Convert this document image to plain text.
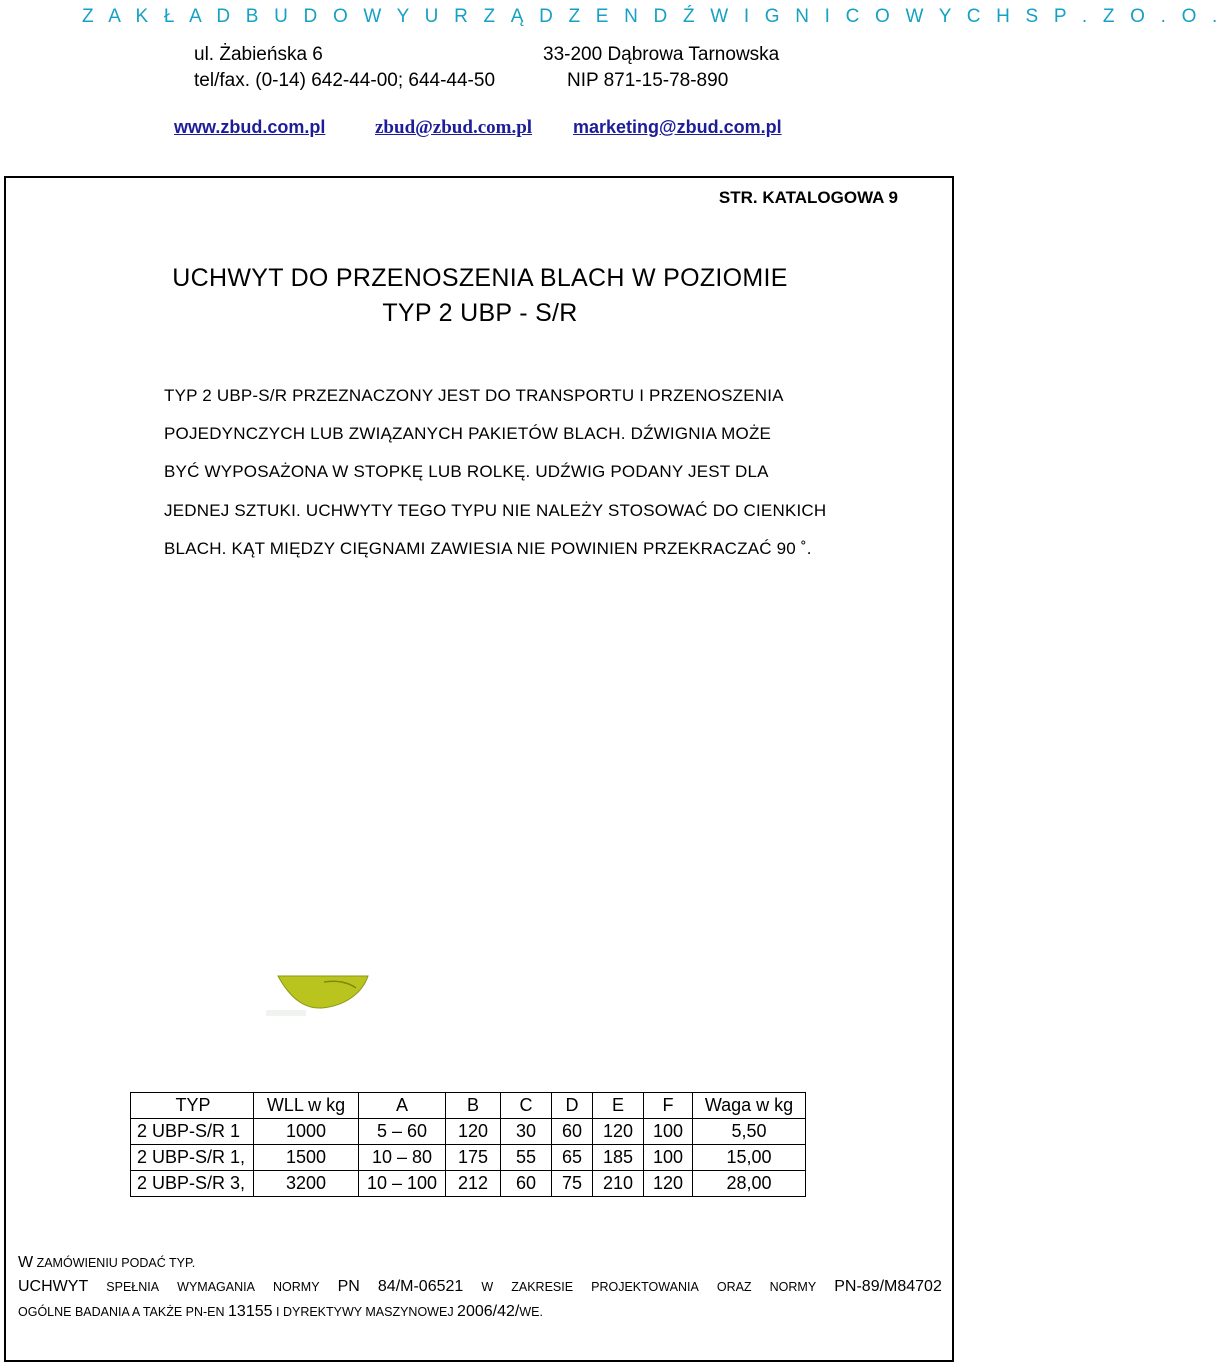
Z A K Ł A D B U D O W Y U R Z Ą D Z E N D Ź W I G N I C O W Y C H S P . Z O . O .
ul. Żabieńska 6	33-200 Dąbrowa Tarnowska
tel/fax. (0-14) 642-44-00; 644-44-50	NIP 871-15-78-890
www.zbud.com.pl	zbud@zbud.com.pl marketing@zbud.com.pl
STR. KATALOGOWA 9
UCHWYT DO PRZENOSZENIA BLACH W POZIOMIE
TYP 2 UBP - S/R
TYP 2 UBP-S/R PRZEZNACZONY JEST DO TRANSPORTU I PRZENOSZENIA
POJEDYNCZYCH LUB ZWIĄZANYCH PAKIETÓW BLACH. DŹWIGNIA MOŻE
BYĆ WYPOSAŻONA W STOPKĘ LUB ROLKĘ. UDŹWIG PODANY JEST DLA
JEDNEJ SZTUKI. UCHWYTY TEGO TYPU NIE NALEŻY STOSOWAĆ DO CIENKICH
BLACH. KĄT MIĘDZY CIĘGNAMI ZAWIESIA NIE POWINIEN PRZEKRACZAĆ 90 ˚.
TYP	WLL w kg	A	B	C	D	E	F	Waga w kg
2 UBP-S/R 1	1000	5 – 60	120	30	60	120	100	5,50
2 UBP-S/R 1,	1500	10 – 80	175	55	65	185	100	15,00
2 UBP-S/R 3,	3200	10 – 100	212	60	75	210	120	28,00
W ZAMÓWIENIU PODAĆ TYP.
UCHWYT SPEŁNIA WYMAGANIA NORMY PN 84/M-06521 W ZAKRESIE PROJEKTOWANIA ORAZ NORMY PN-89/M84702
OGÓLNE BADANIA A TAKŻE PN-EN 13155 I DYREKTYWY MASZYNOWEJ 2006/42/WE.
